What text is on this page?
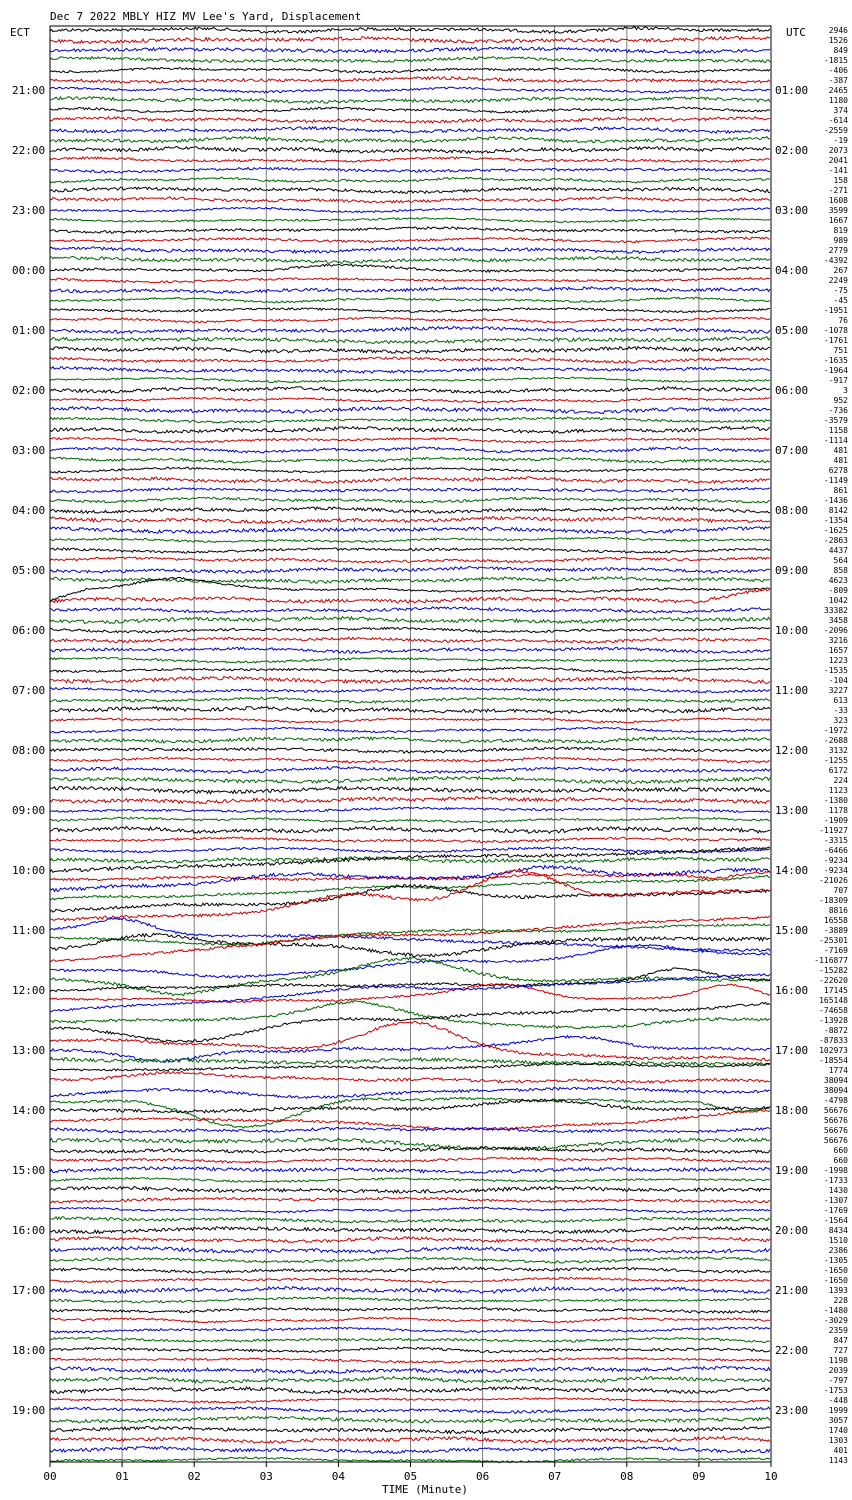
Dec 7 2022 MBLY HIZ MV Lee's Yard, Displacement
ECT	UTC
21:00
22:00
23:00
00:00
01:00
02:00
03:00
04:00
05:00
06:00
07:00
08:00
09:00
10:00
11:00
12:00
13:00
14:00
15:00
16:00
17:00
18:00
19:00
01:00
02:00
03:00
04:00
05:00
06:00
07:00
08:00
09:00
10:00
11:00
12:00
13:00
14:00
15:00
16:00
17:00
18:00
19:00
20:00
21:00
22:00
23:00
2946
1526
849
-1815
-406
-387
2465
1180
374
-614
-2559
-19
2073
2041
-141
158
-271
1608
3599
1667
819
989
2779
-4392
267
2249
-75
-45
-1951
76
-1078
-1761
751
-1635
-1964
-917
3
952
-736
-3579
1158
-1114
481
481
6278
-1149
861
-1436
8142
-1354
-1625
-2863
4437
564
858
4623
-809
1042
33382
3458
-2096
3216
1657
1223
-1535
-104
3227
613
-33
323
-1972
-2688
3132
-1255
6172
224
1123
-1380
1178
-1909
-11927
-3315
-6466
-9234
-9234
-21026
707
-18309
8816
16558
-3889
-25301
-7169
-116877
-15282
-22620
17145
165148
-74658
-13928
-8872
-87833
102973
-18554
1774
38094
38094
-4798
56676
56676
56676
56676
660
660
-1998
-1733
1430
-1307
-1769
-1564
8434
1510
2386
-1305
-1650
-1650
1393
228
-1480
-3029
2359
847
727
1198
2039
-797
-1753
-448
1999
3057
1740
1303
401
1143
00	01	02	03	04	05	06	07	08	09	10
TIME (Minute)
